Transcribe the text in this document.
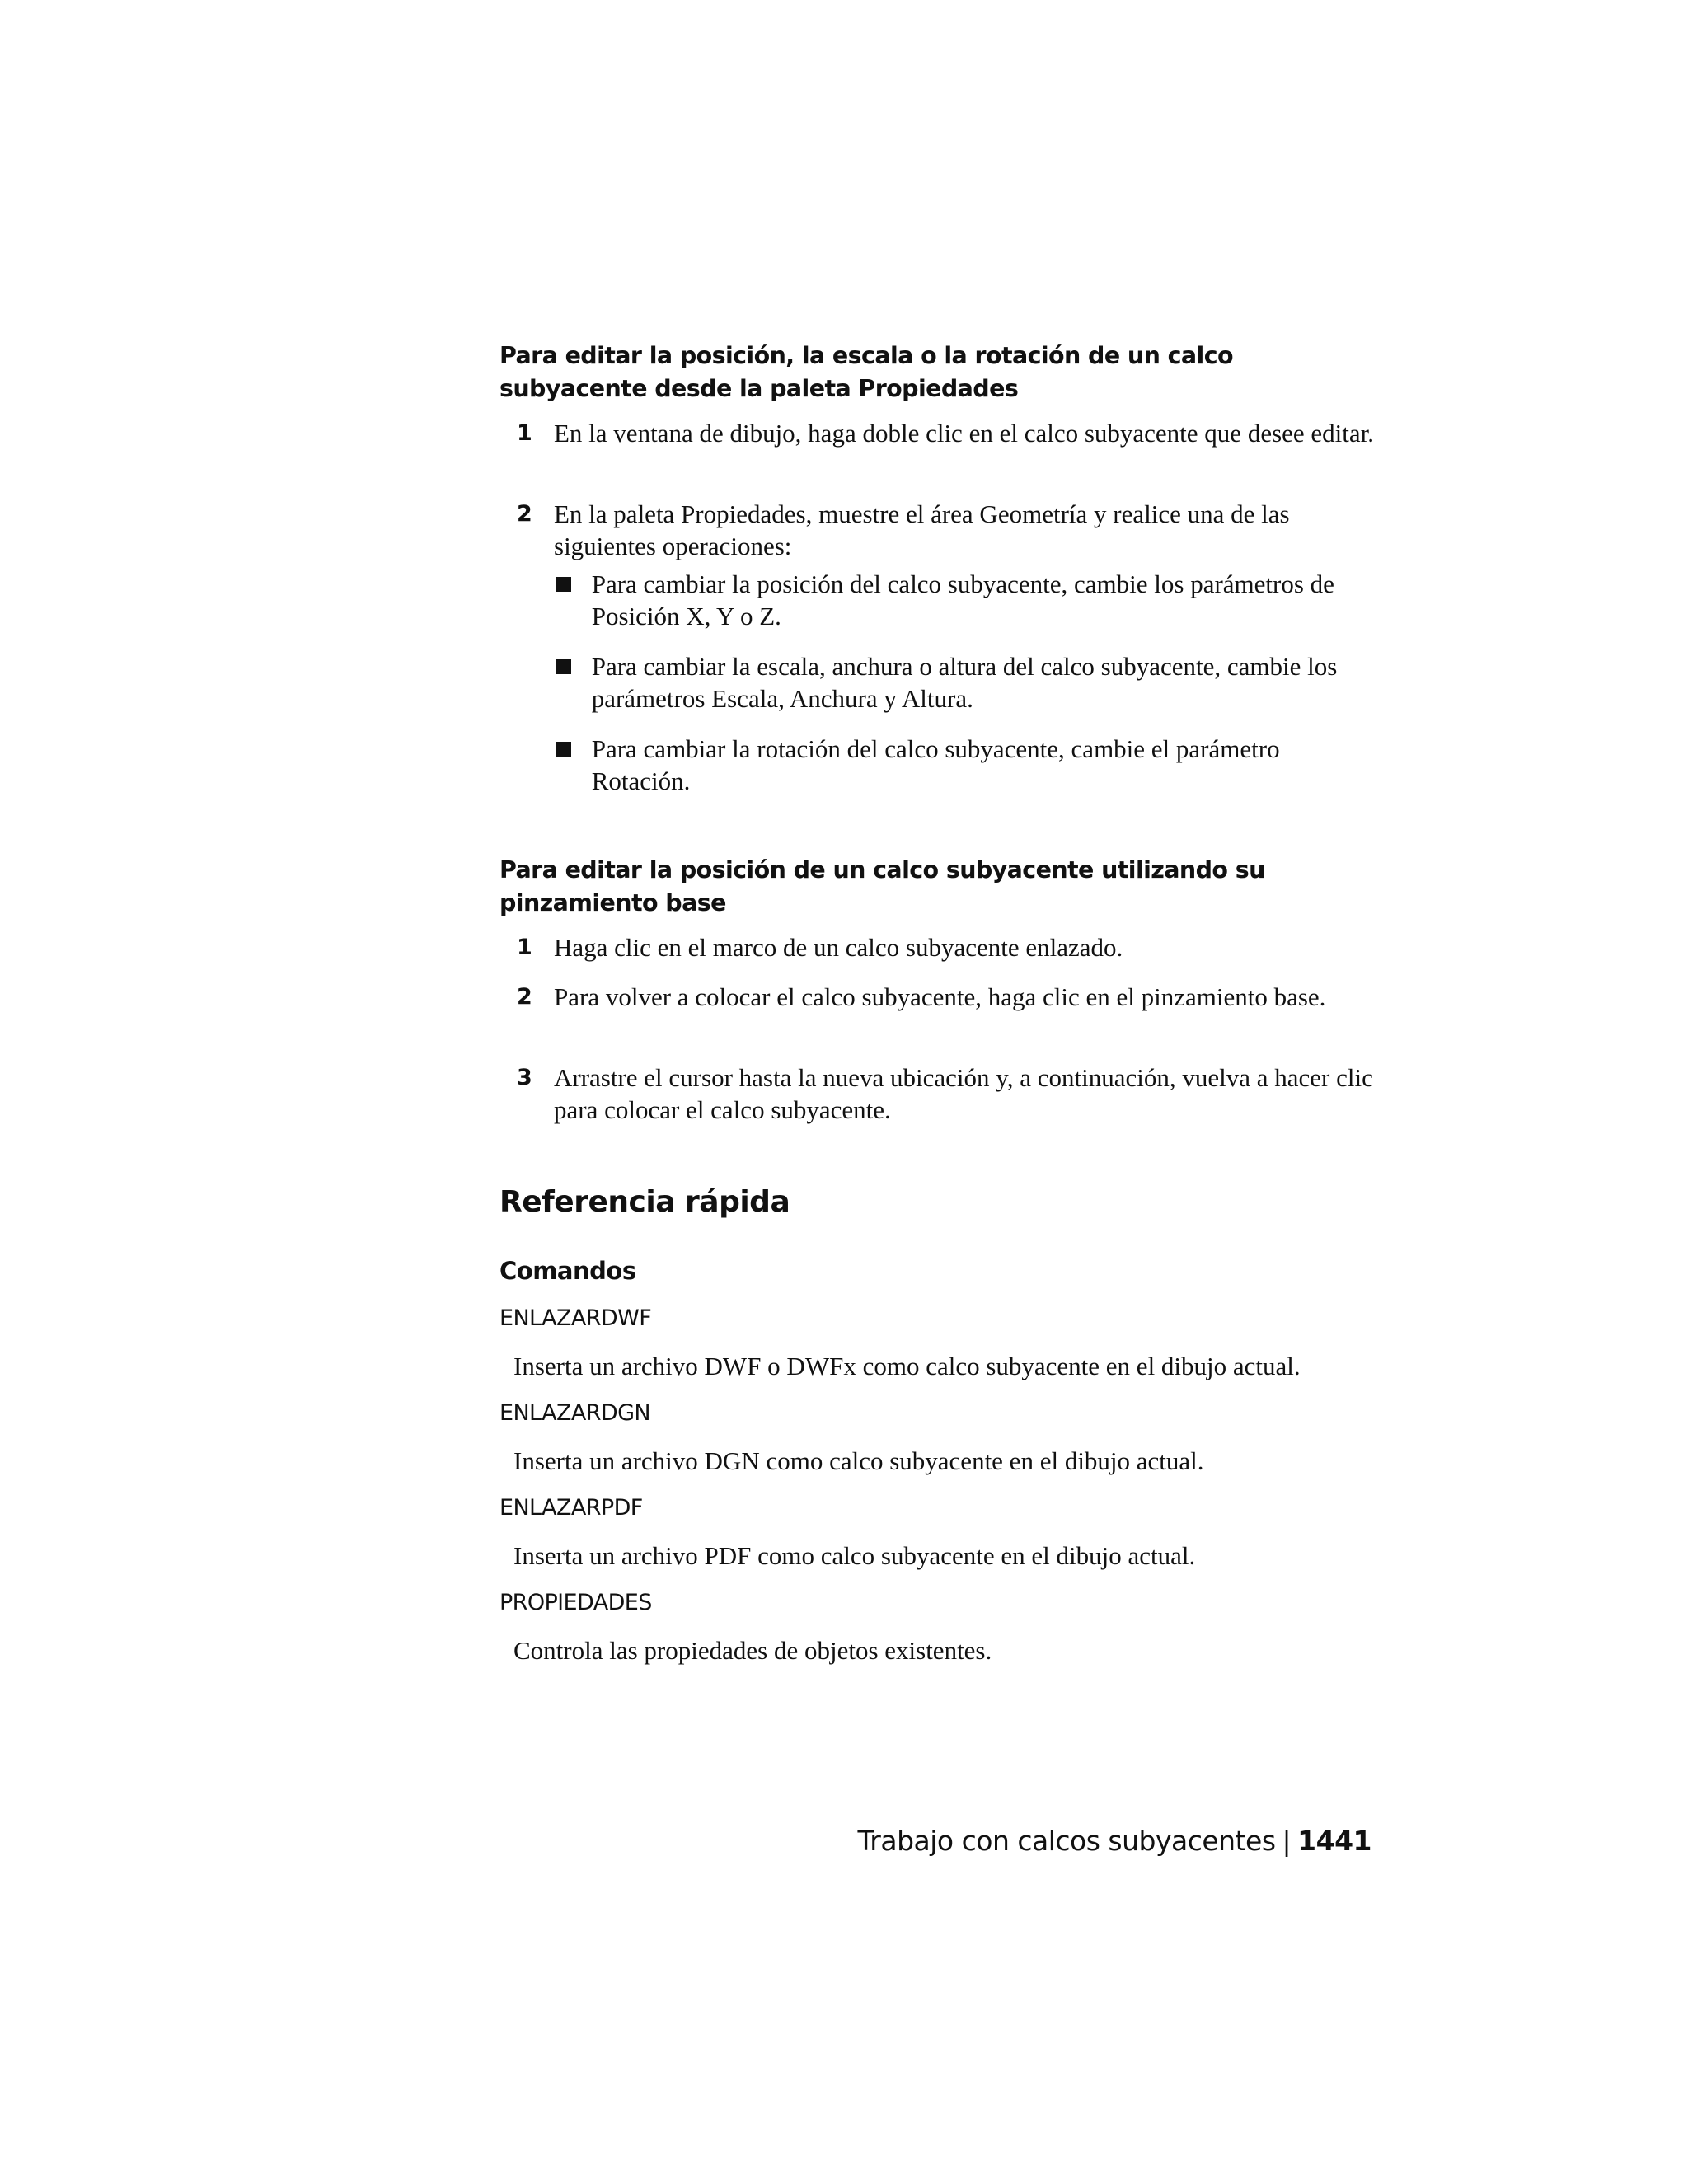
Para editar la posición, la escala o la rotación de un calco subyacente desde la paleta Propiedades
1 En la ventana de dibujo, haga doble clic en el calco subyacente que desee editar.

2 En la paleta Propiedades, muestre el área Geometría y realice una de las siguientes operaciones:

Para cambiar la posición del calco subyacente, cambie los parámetros de Posición X, Y o Z.

Para cambiar la escala, anchura o altura del calco subyacente, cambie los parámetros Escala, Anchura y Altura.

Para cambiar la rotación del calco subyacente, cambie el parámetro Rotación.

Para editar la posición de un calco subyacente utilizando su pinzamiento base
1 Haga clic en el marco de un calco subyacente enlazado.

2 Para volver a colocar el calco subyacente, haga clic en el pinzamiento base.

3 Arrastre el cursor hasta la nueva ubicación y, a continuación, vuelva a hacer clic para colocar el calco subyacente.

Referencia rápida
Comandos

ENLAZARDWF

Inserta un archivo DWF o DWFx como calco subyacente en el dibujo actual.

ENLAZARDGN

Inserta un archivo DGN como calco subyacente en el dibujo actual.

ENLAZARPDF

Inserta un archivo PDF como calco subyacente en el dibujo actual.

PROPIEDADES

Controla las propiedades de objetos existentes.

Trabajo con calcos subyacentes | 1441
